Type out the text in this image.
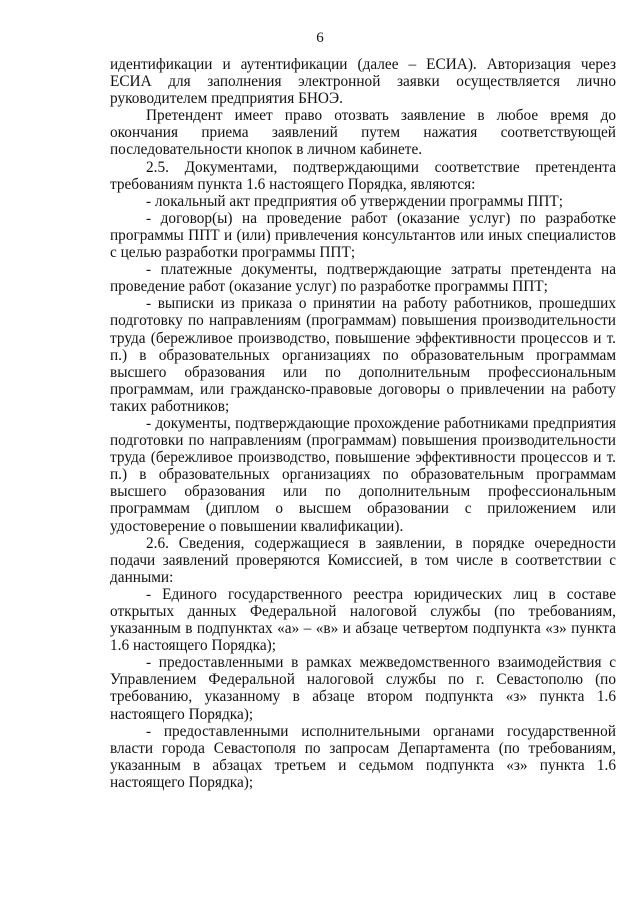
6

идентификации и аутентификации (далее – ЕСИА). Авторизация через ЕСИА для заполнения электронной заявки осуществляется лично руководителем предприятия БНОЭ.

Претендент имеет право отозвать заявление в любое время до окончания приема заявлений путем нажатия соответствующей последовательности кнопок в личном кабинете.

2.5. Документами, подтверждающими соответствие претендента требованиям пункта 1.6 настоящего Порядка, являются:

- локальный акт предприятия об утверждении программы ППТ;

- договор(ы) на проведение работ (оказание услуг) по разработке программы ППТ и (или) привлечения консультантов или иных специалистов с целью разработки программы ППТ;

- платежные документы, подтверждающие затраты претендента на проведение работ (оказание услуг) по разработке программы ППТ;

- выписки из приказа о принятии на работу работников, прошедших подготовку по направлениям (программам) повышения производительности труда (бережливое производство, повышение эффективности процессов и т. п.) в образовательных организациях по образовательным программам высшего образования или по дополнительным профессиональным программам, или гражданско-правовые договоры о привлечении на работу таких работников;

- документы, подтверждающие прохождение работниками предприятия подготовки по направлениям (программам) повышения производительности труда (бережливое производство, повышение эффективности процессов и т. п.) в образовательных организациях по образовательным программам высшего образования или по дополнительным профессиональным программам (диплом о высшем образовании с приложением или удостоверение о повышении квалификации).

2.6. Сведения, содержащиеся в заявлении, в порядке очередности подачи заявлений проверяются Комиссией, в том числе в соответствии с данными:

- Единого государственного реестра юридических лиц в составе открытых данных Федеральной налоговой службы (по требованиям, указанным в подпунктах «а» – «в» и абзаце четвертом подпункта «з» пункта 1.6 настоящего Порядка);

- предоставленными в рамках межведомственного взаимодействия с Управлением Федеральной налоговой службы по г. Севастополю (по требованию, указанному в абзаце втором подпункта «з» пункта 1.6 настоящего Порядка);

- предоставленными исполнительными органами государственной власти города Севастополя по запросам Департамента (по требованиям, указанным в абзацах третьем и седьмом подпункта «з» пункта 1.6 настоящего Порядка);
